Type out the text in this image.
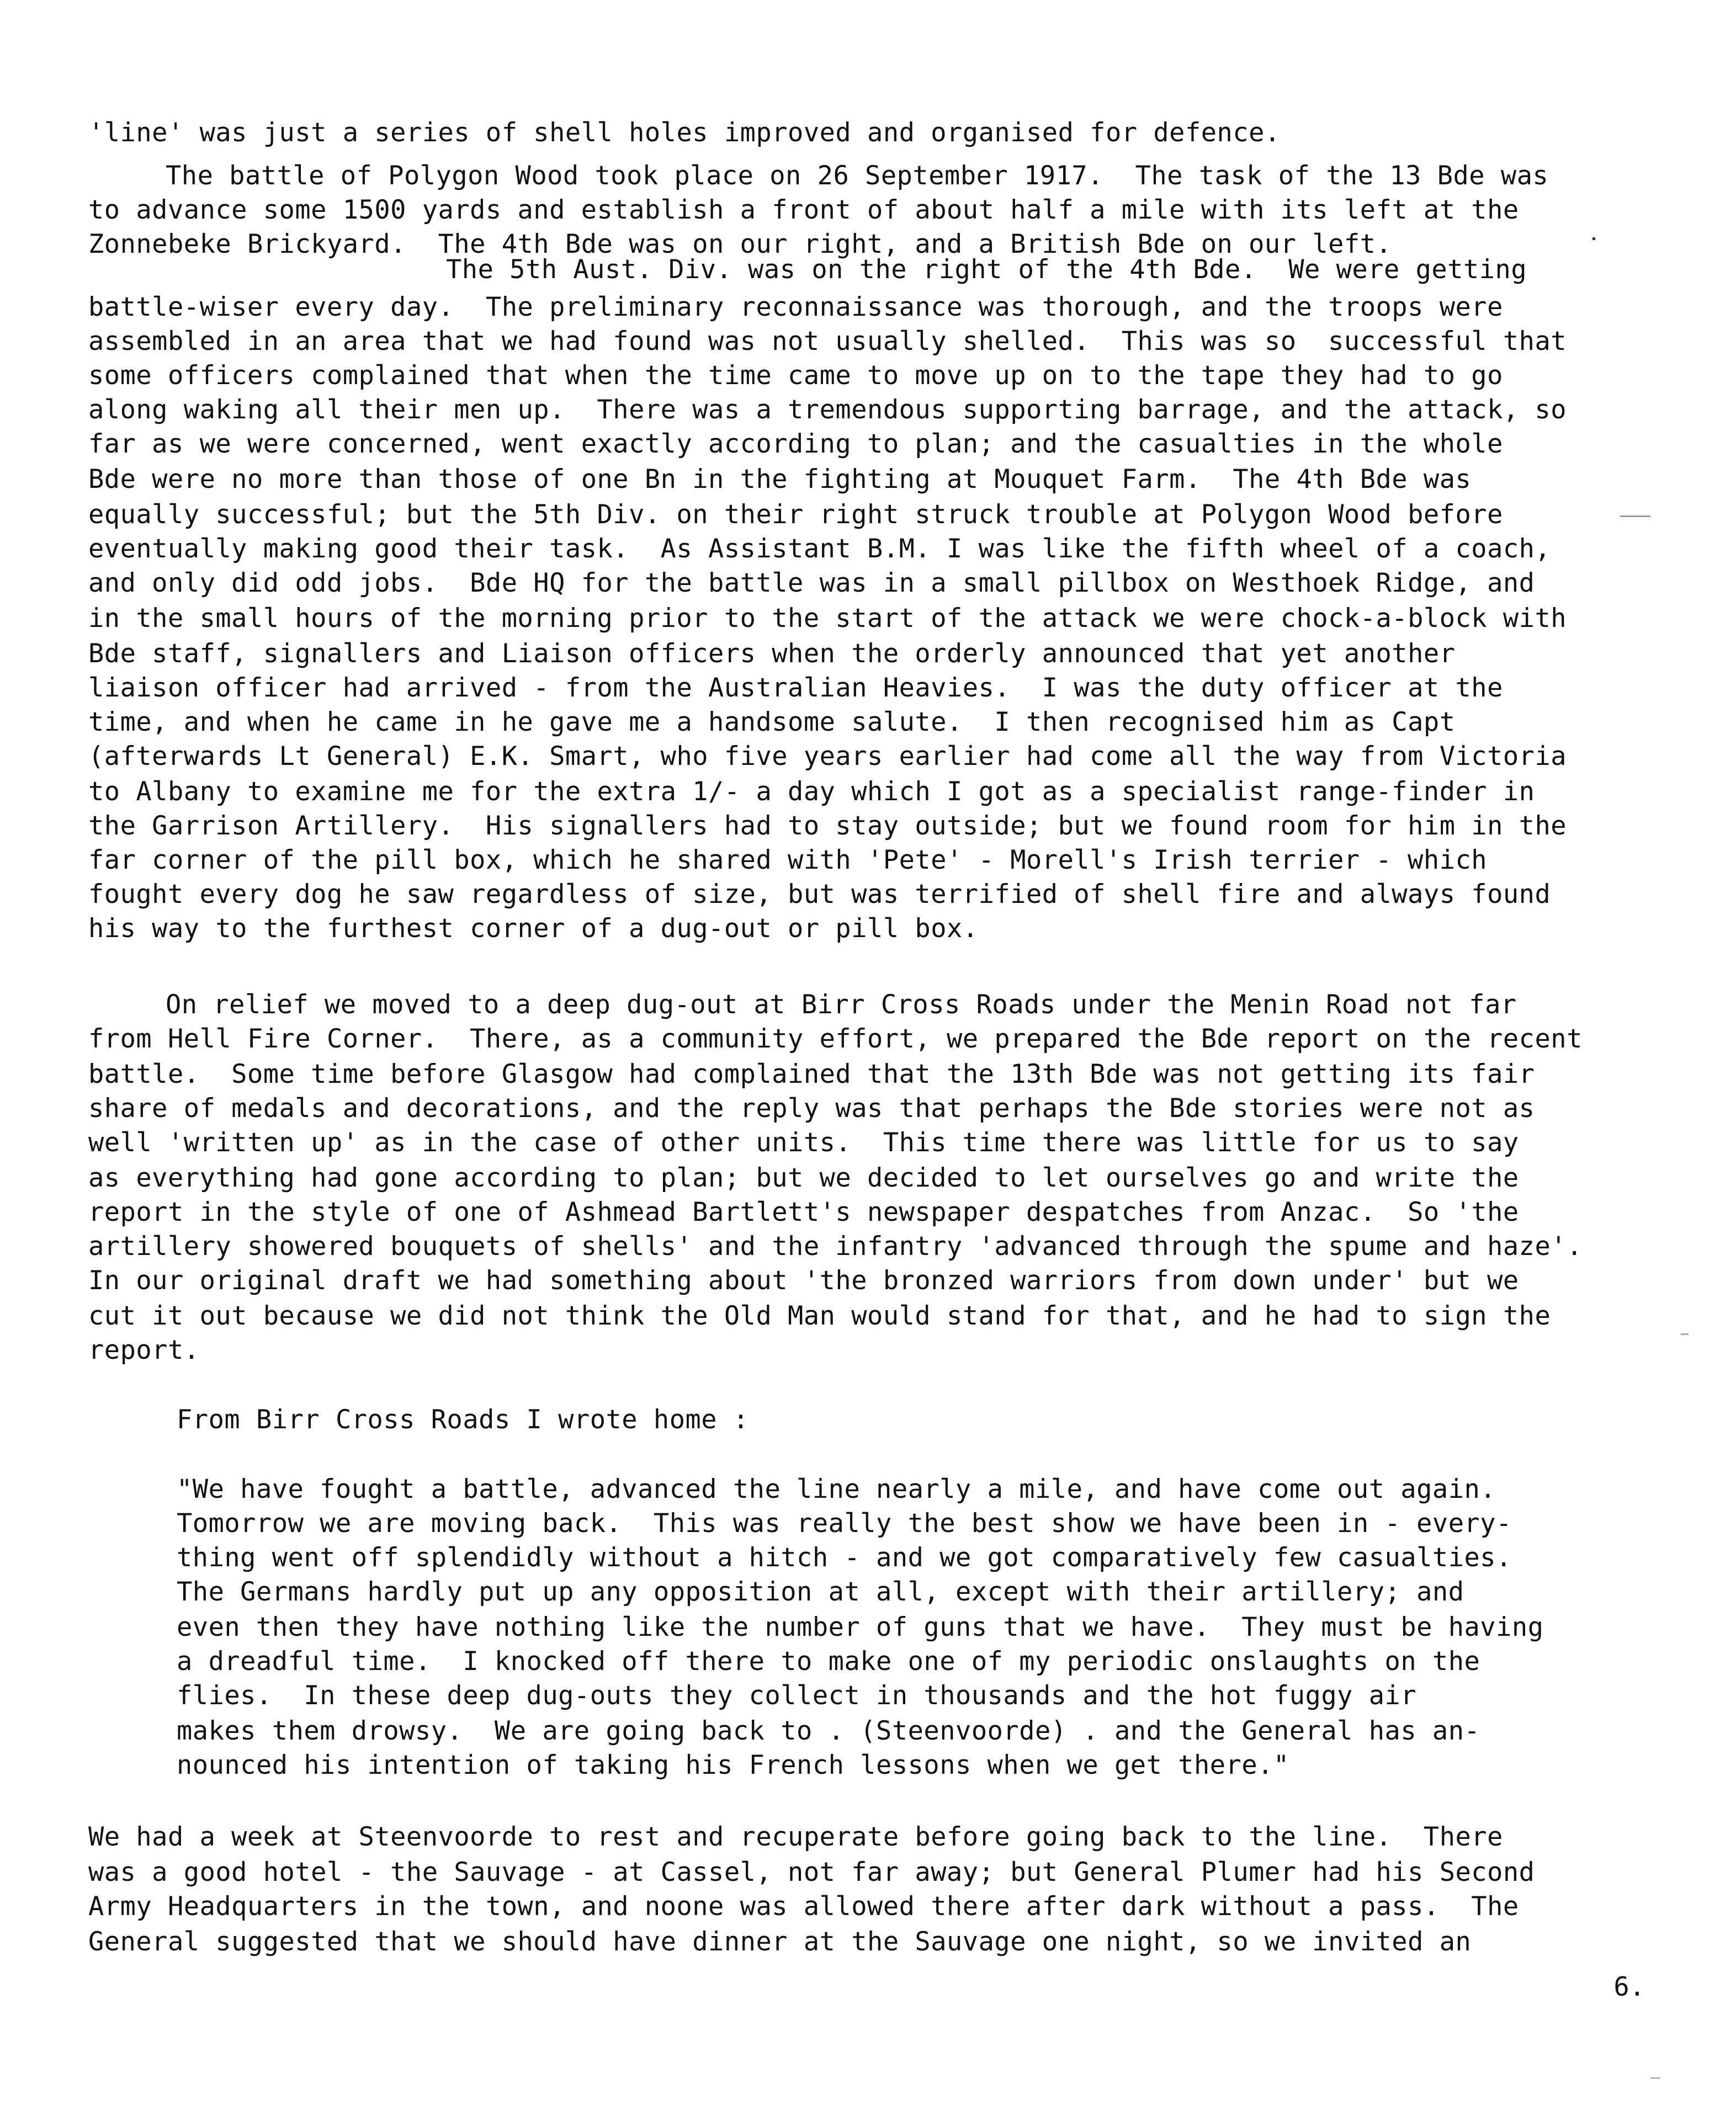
'line' was just a series of shell holes improved and organised for defence.
The battle of Polygon Wood took place on 26 September 1917.  The task of the 13 Bde was
to advance some 1500 yards and establish a front of about half a mile with its left at the
Zonnebeke Brickyard.  The 4th Bde was on our right, and a British Bde on our left.
The 5th Aust. Div. was on the right of the 4th Bde.  We were getting
battle-wiser every day.  The preliminary reconnaissance was thorough, and the troops were
assembled in an area that we had found was not usually shelled.  This was so  successful that
some officers complained that when the time came to move up on to the tape they had to go
along waking all their men up.  There was a tremendous supporting barrage, and the attack, so
far as we were concerned, went exactly according to plan; and the casualties in the whole
Bde were no more than those of one Bn in the fighting at Mouquet Farm.  The 4th Bde was
equally successful; but the 5th Div. on their right struck trouble at Polygon Wood before
eventually making good their task.  As Assistant B.M. I was like the fifth wheel of a coach,
and only did odd jobs.  Bde HQ for the battle was in a small pillbox on Westhoek Ridge, and
in the small hours of the morning prior to the start of the attack we were chock-a-block with
Bde staff, signallers and Liaison officers when the orderly announced that yet another
liaison officer had arrived - from the Australian Heavies.  I was the duty officer at the
time, and when he came in he gave me a handsome salute.  I then recognised him as Capt
(afterwards Lt General) E.K. Smart, who five years earlier had come all the way from Victoria
to Albany to examine me for the extra 1/- a day which I got as a specialist range-finder in
the Garrison Artillery.  His signallers had to stay outside; but we found room for him in the
far corner of the pill box, which he shared with 'Pete' - Morell's Irish terrier - which
fought every dog he saw regardless of size, but was terrified of shell fire and always found
his way to the furthest corner of a dug-out or pill box.
On relief we moved to a deep dug-out at Birr Cross Roads under the Menin Road not far
from Hell Fire Corner.  There, as a community effort, we prepared the Bde report on the recent
battle.  Some time before Glasgow had complained that the 13th Bde was not getting its fair
share of medals and decorations, and the reply was that perhaps the Bde stories were not as
well 'written up' as in the case of other units.  This time there was little for us to say
as everything had gone according to plan; but we decided to let ourselves go and write the
report in the style of one of Ashmead Bartlett's newspaper despatches from Anzac.  So 'the
artillery showered bouquets of shells' and the infantry 'advanced through the spume and haze'.
In our original draft we had something about 'the bronzed warriors from down under' but we
cut it out because we did not think the Old Man would stand for that, and he had to sign the
report.
From Birr Cross Roads I wrote home :
"We have fought a battle, advanced the line nearly a mile, and have come out again.
Tomorrow we are moving back.  This was really the best show we have been in - every-
thing went off splendidly without a hitch - and we got comparatively few casualties.
The Germans hardly put up any opposition at all, except with their artillery; and
even then they have nothing like the number of guns that we have.  They must be having
a dreadful time.  I knocked off there to make one of my periodic onslaughts on the
flies.  In these deep dug-outs they collect in thousands and the hot fuggy air
makes them drowsy.  We are going back to . (Steenvoorde) . and the General has an-
nounced his intention of taking his French lessons when we get there."
We had a week at Steenvoorde to rest and recuperate before going back to the line.  There
was a good hotel - the Sauvage - at Cassel, not far away; but General Plumer had his Second
Army Headquarters in the town, and noone was allowed there after dark without a pass.  The
General suggested that we should have dinner at the Sauvage one night, so we invited an
6.
